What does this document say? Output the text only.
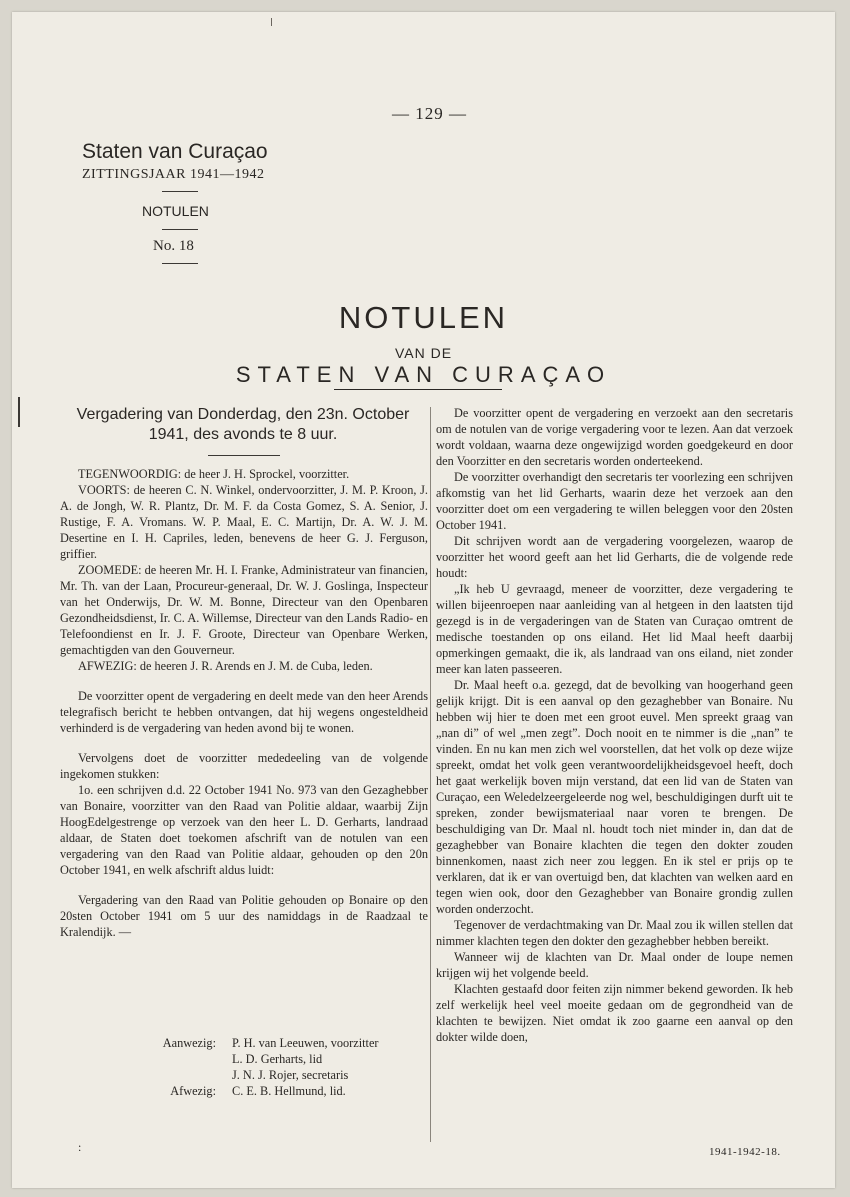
— 129 —
Staten van Curaçao
ZITTINGSJAAR 1941—1942
NOTULEN
No. 18
NOTULEN
VAN DE
STATEN VAN CURAÇAO
Vergadering van Donderdag, den 23n. October 1941, des avonds te 8 uur.

TEGENWOORDIG: de heer J. H. Sprockel, voorzitter.

VOORTS: de heeren C. N. Winkel, ondervoorzitter, J. M. P. Kroon, J. A. de Jongh, W. R. Plantz, Dr. M. F. da Costa Gomez, S. A. Senior, J. Rustige, F. A. Vromans. W. P. Maal, E. C. Martijn, Dr. A. W. J. M. Desertine en I. H. Capriles, leden, benevens de heer G. J. Ferguson, griffier.

ZOOMEDE: de heeren Mr. H. I. Franke, Administrateur van financien, Mr. Th. van der Laan, Procureur-generaal, Dr. W. J. Goslinga, Inspecteur van het Onderwijs, Dr. W. M. Bonne, Directeur van den Openbaren Gezondheidsdienst, Ir. C. A. Willemse, Directeur van den Lands Radio- en Telefoondienst en Ir. J. F. Groote, Directeur van Openbare Werken, gemachtigden van den Gouverneur.

AFWEZIG: de heeren J. R. Arends en J. M. de Cuba, leden.

De voorzitter opent de vergadering en deelt mede van den heer Arends telegrafisch bericht te hebben ontvangen, dat hij wegens ongesteldheid verhinderd is de vergadering van heden avond bij te wonen.

Vervolgens doet de voorzitter mededeeling van de volgende ingekomen stukken:

1o. een schrijven d.d. 22 October 1941 No. 973 van den Gezaghebber van Bonaire, voorzitter van den Raad van Politie aldaar, waarbij Zijn HoogEdelgestrenge op verzoek van den heer L. D. Gerharts, landraad aldaar, de Staten doet toekomen afschrift van de notulen van een vergadering van den Raad van Politie aldaar, gehouden op den 20n October 1941, en welk afschrift aldus luidt:

Vergadering van den Raad van Politie gehouden op Bonaire op den 20sten October 1941 om 5 uur des namiddags in de Raadzaal te Kralendijk. —

Aanwezig: P. H. van Leeuwen, voorzitter
L. D. Gerharts, lid
J. N. J. Rojer, secretaris
Afwezig: C. E. B. Hellmund, lid.

De voorzitter opent de vergadering en verzoekt aan den secretaris om de notulen van de vorige vergadering voor te lezen. Aan dat verzoek wordt voldaan, waarna deze ongewijzigd worden goedgekeurd en door den Voorzitter en den secretaris worden onderteekend.

De voorzitter overhandigt den secretaris ter voorlezing een schrijven afkomstig van het lid Gerharts, waarin deze het verzoek aan den voorzitter doet om een vergadering te willen beleggen voor den 20sten October 1941.

Dit schrijven wordt aan de vergadering voorgelezen, waarop de voorzitter het woord geeft aan het lid Gerharts, die de volgende rede houdt:

„Ik heb U gevraagd, meneer de voorzitter, deze vergadering te willen bijeenroepen naar aanleiding van al hetgeen in den laatsten tijd gezegd is in de vergaderingen van de Staten van Curaçao omtrent de medische toestanden op ons eiland. Het lid Maal heeft daarbij opmerkingen gemaakt, die ik, als landraad van ons eiland, niet zonder meer kan laten passeeren.

Dr. Maal heeft o.a. gezegd, dat de bevolking van hoogerhand geen gelijk krijgt. Dit is een aanval op den gezaghebber van Bonaire. Nu hebben wij hier te doen met een groot euvel. Men spreekt graag van „nan di” of wel „men zegt”. Doch nooit en te nimmer is die „nan” te vinden. En nu kan men zich wel voorstellen, dat het volk op deze wijze spreekt, omdat het volk geen verantwoordelijkheidsgevoel heeft, doch het gaat werkelijk boven mijn verstand, dat een lid van de Staten van Curaçao, een Weledelzeergeleerde nog wel, beschuldigingen durft uit te spreken, zonder bewijsmateriaal naar voren te brengen. De beschuldiging van Dr. Maal nl. houdt toch niet minder in, dan dat de gezaghebber van Bonaire klachten die tegen den dokter zouden binnenkomen, naast zich neer zou leggen. En ik stel er prijs op te verklaren, dat ik er van overtuigd ben, dat klachten van welken aard en tegen wien ook, door den Gezaghebber van Bonaire grondig zullen worden onderzocht.

Tegenover de verdachtmaking van Dr. Maal zou ik willen stellen dat nimmer klachten tegen den dokter den gezaghebber hebben bereikt.

Wanneer wij de klachten van Dr. Maal onder de loupe nemen krijgen wij het volgende beeld.

Klachten gestaafd door feiten zijn nimmer bekend geworden. Ik heb zelf werkelijk heel veel moeite gedaan om de gegrondheid van de klachten te bewijzen. Niet omdat ik zoo gaarne een aanval op den dokter wilde doen,

:	1941-1942-18.
